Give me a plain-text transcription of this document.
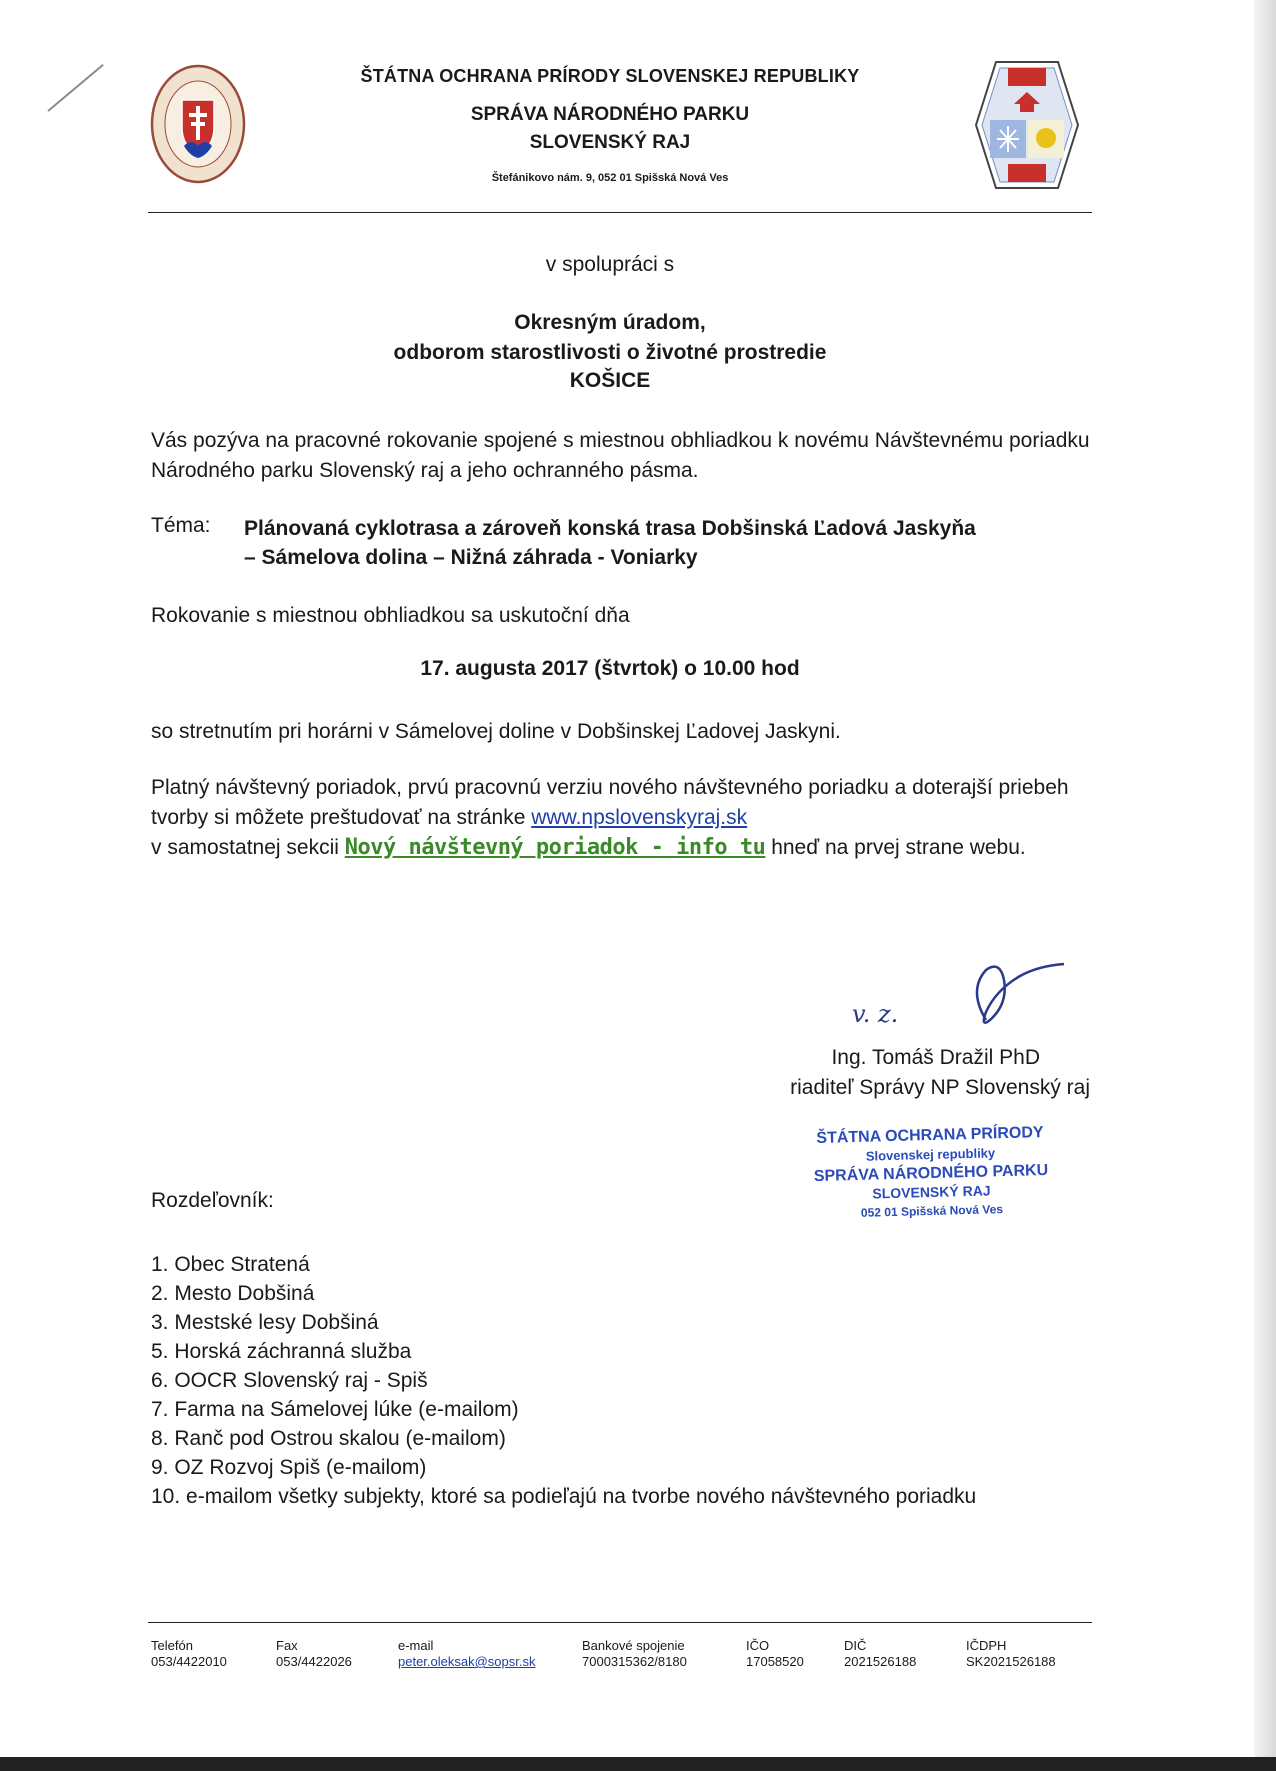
ŠTÁTNA OCHRANA PRÍRODY SLOVENSKEJ REPUBLIKY
SPRÁVA NÁRODNÉHO PARKU
SLOVENSKÝ RAJ
Štefánikovo nám. 9, 052 01 Spišská Nová Ves
v spolupráci s
Okresným úradom,
odborom starostlivosti o životné prostredie
KOŠICE
Vás pozýva na pracovné rokovanie spojené s miestnou obhliadkou k novému Návštevnému poriadku Národného parku Slovenský raj a jeho ochranného pásma.
Téma: Plánovaná cyklotrasa a zároveň konská trasa Dobšinská Ľadová Jaskyňa
– Sámelova dolina – Nižná záhrada - Voniarky
Rokovanie s miestnou obhliadkou sa uskutoční dňa
17. augusta 2017 (štvrtok) o 10.00 hod
so stretnutím pri horárni v Sámelovej doline v Dobšinskej Ľadovej Jaskyni.
Platný návštevný poriadok, prvú pracovnú verziu nového návštevného poriadku a doterajší priebeh tvorby si môžete preštudovať na stránke www.npslovenskyraj.sk
v samostatnej sekcii Nový návštevný poriadok - info tu hneď na prvej strane webu.
v. z.
Ing. Tomáš Dražil PhD
riaditeľ Správy NP Slovenský raj
ŠTÁTNA OCHRANA PRÍRODY
Slovenskej republiky
SPRÁVA NÁRODNÉHO PARKU
SLOVENSKÝ RAJ
052 01 Spišská Nová Ves
Rozdeľovník:
1. Obec Stratená
2. Mesto Dobšiná
3. Mestské lesy Dobšiná
5. Horská záchranná služba
6. OOCR Slovenský raj - Spiš
7. Farma na Sámelovej lúke (e-mailom)
8. Ranč pod Ostrou skalou (e-mailom)
9. OZ Rozvoj Spiš (e-mailom)
10. e-mailom všetky subjekty, ktoré sa podieľajú na tvorbe nového návštevného poriadku
Telefón
053/4422010
Fax
053/4422026
e-mail
peter.oleksak@sopsr.sk
Bankové spojenie
7000315362/8180
IČO
17058520
DIČ
2021526188
IČDPH
SK2021526188
